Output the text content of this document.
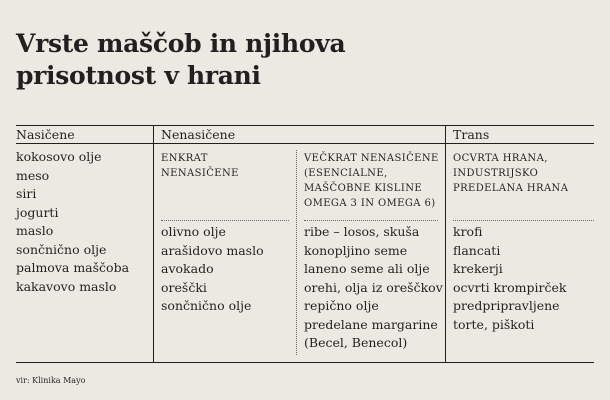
Vrste maščob in njihova
prisotnost v hrani
Nasičene	Nenasičene	Trans
kokosovo olje
meso
siri
jogurti
maslo
sončnično olje
palmova maščoba
kakavovo maslo
ENKRAT
NENASIČENE
VEČKRAT NENASIČENE
(ESENCIALNE,
MAŠČOBNE KISLINE
OMEGA 3 IN OMEGA 6)
OCVRTA HRANA,
INDUSTRIJSKO
PREDELANA HRANA
olivno olje
arašidovo maslo
avokado
oreščki
sončnično olje
ribe – losos, skuša
konopljino seme
laneno seme ali olje
orehi, olja iz oreščkov
repično olje
predelane margarine
(Becel, Benecol)
krofi
flancati
krekerji
ocvrti krompirček
predpripravljene
torte, piškoti
vir: Klinika Mayo
